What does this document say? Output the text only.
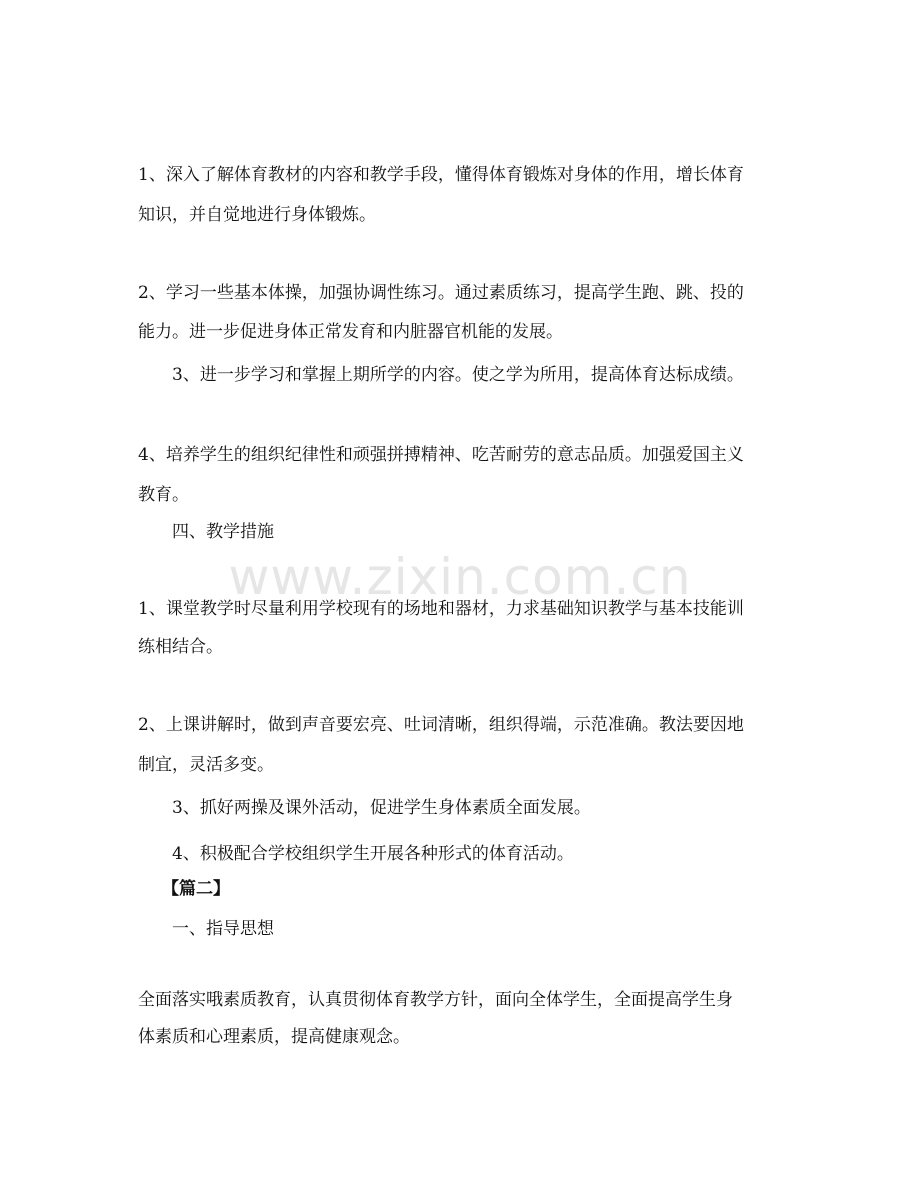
www.zixin.com.cn
1、深入了解体育教材的内容和教学手段，懂得体育锻炼对身体的作用，增长体育
知识，并自觉地进行身体锻炼。
2、学习一些基本体操，加强协调性练习。通过素质练习，提高学生跑、跳、投的
能力。进一步促进身体正常发育和内脏器官机能的发展。
3、进一步学习和掌握上期所学的内容。使之学为所用，提高体育达标成绩。
4、培养学生的组织纪律性和顽强拼搏精神、吃苦耐劳的意志品质。加强爱国主义
教育。
四、教学措施
1、课堂教学时尽量利用学校现有的场地和器材，力求基础知识教学与基本技能训
练相结合。
2、上课讲解时，做到声音要宏亮、吐词清晰，组织得端，示范准确。教法要因地
制宜，灵活多变。
3、抓好两操及课外活动，促进学生身体素质全面发展。
4、积极配合学校组织学生开展各种形式的体育活动。
【篇二】
一、指导思想
全面落实哦素质教育，认真贯彻体育教学方针，面向全体学生，全面提高学生身
体素质和心理素质，提高健康观念。
